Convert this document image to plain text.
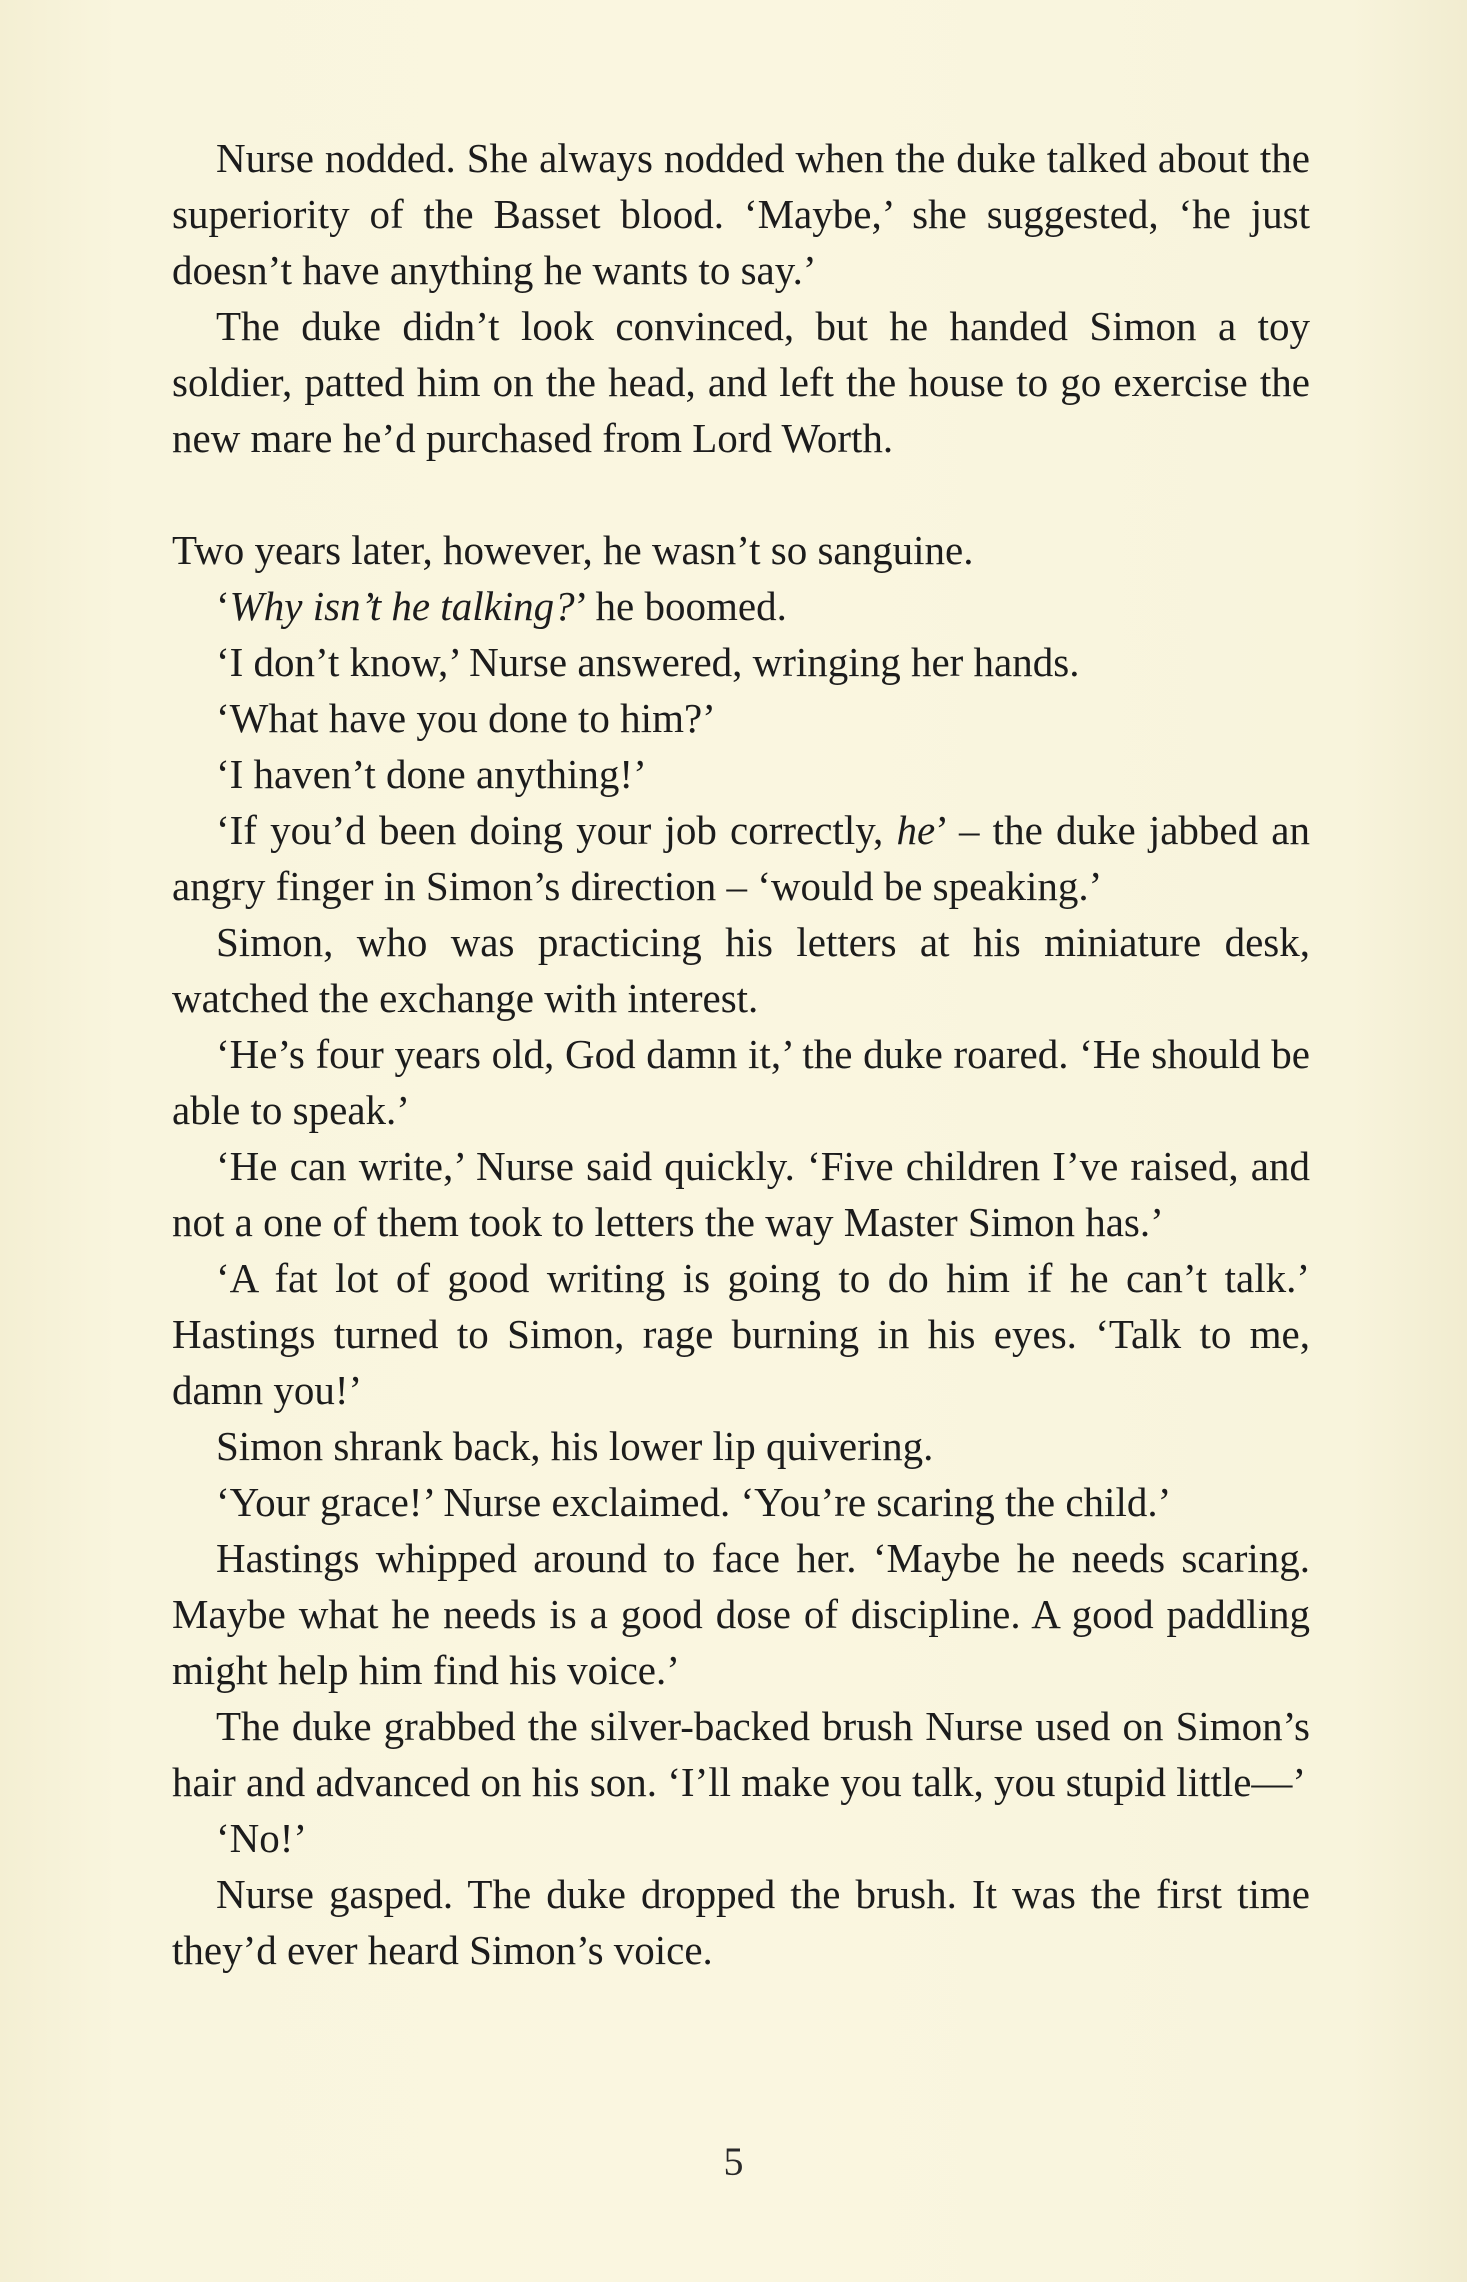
Nurse nodded. She always nodded when the duke talked about the superiority of the Basset blood. ‘Maybe,’ she suggested, ‘he just doesn’t have anything he wants to say.’

The duke didn’t look convinced, but he handed Simon a toy soldier, patted him on the head, and left the house to go exercise the new mare he’d purchased from Lord Worth.

Two years later, however, he wasn’t so sanguine.

‘Why isn’t he talking?’ he boomed.

‘I don’t know,’ Nurse answered, wringing her hands.

‘What have you done to him?’

‘I haven’t done anything!’

‘If you’d been doing your job correctly, he’ – the duke jabbed an angry finger in Simon’s direction – ‘would be speaking.’

Simon, who was practicing his letters at his miniature desk, watched the exchange with interest.

‘He’s four years old, God damn it,’ the duke roared. ‘He should be able to speak.’

‘He can write,’ Nurse said quickly. ‘Five children I’ve raised, and not a one of them took to letters the way Master Simon has.’

‘A fat lot of good writing is going to do him if he can’t talk.’ Hastings turned to Simon, rage burning in his eyes. ‘Talk to me, damn you!’

Simon shrank back, his lower lip quivering.

‘Your grace!’ Nurse exclaimed. ‘You’re scaring the child.’

Hastings whipped around to face her. ‘Maybe he needs scaring. Maybe what he needs is a good dose of discipline. A good paddling might help him find his voice.’

The duke grabbed the silver-backed brush Nurse used on Simon’s hair and advanced on his son. ‘I’ll make you talk, you stupid little—’

‘No!’

Nurse gasped. The duke dropped the brush. It was the first time they’d ever heard Simon’s voice.

5
